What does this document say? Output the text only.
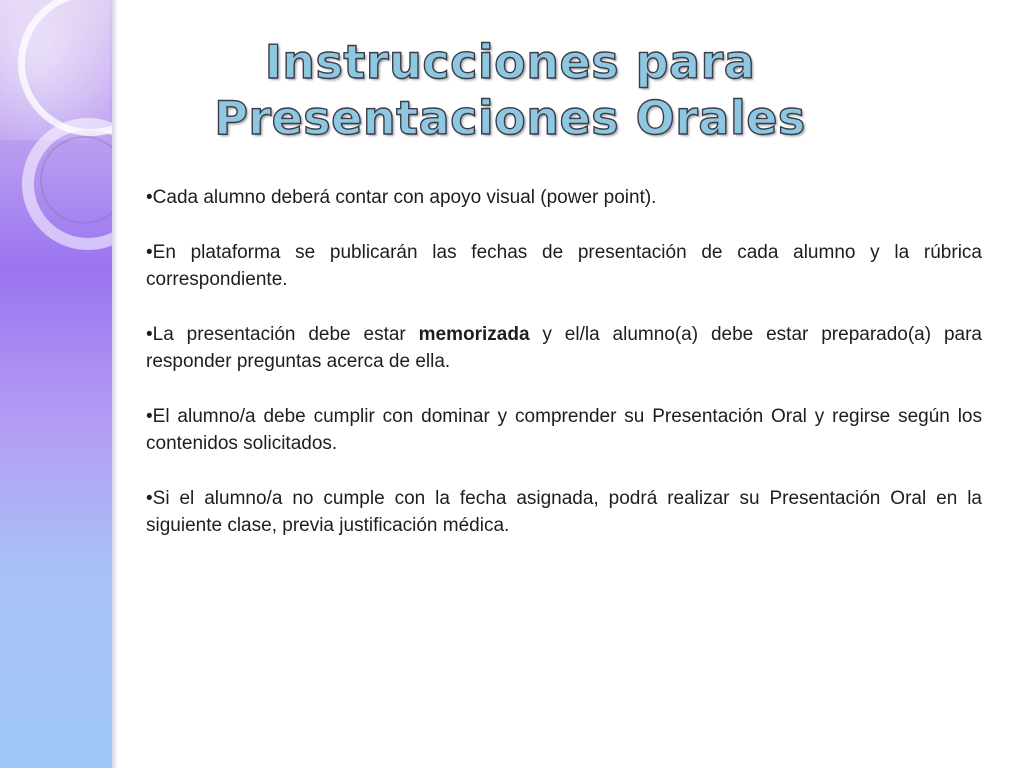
Instrucciones para
Presentaciones Orales

•Cada alumno deberá contar con apoyo visual (power point).

•En plataforma se publicarán las fechas de presentación de cada alumno y la rúbrica correspondiente.

•La presentación debe estar memorizada y el/la alumno(a) debe estar preparado(a) para responder preguntas acerca de ella.

•El alumno/a debe cumplir con dominar y comprender su Presentación Oral y regirse según los contenidos solicitados.

•Si el alumno/a no cumple con la fecha asignada, podrá realizar su Presentación Oral en la siguiente clase, previa justificación médica.
